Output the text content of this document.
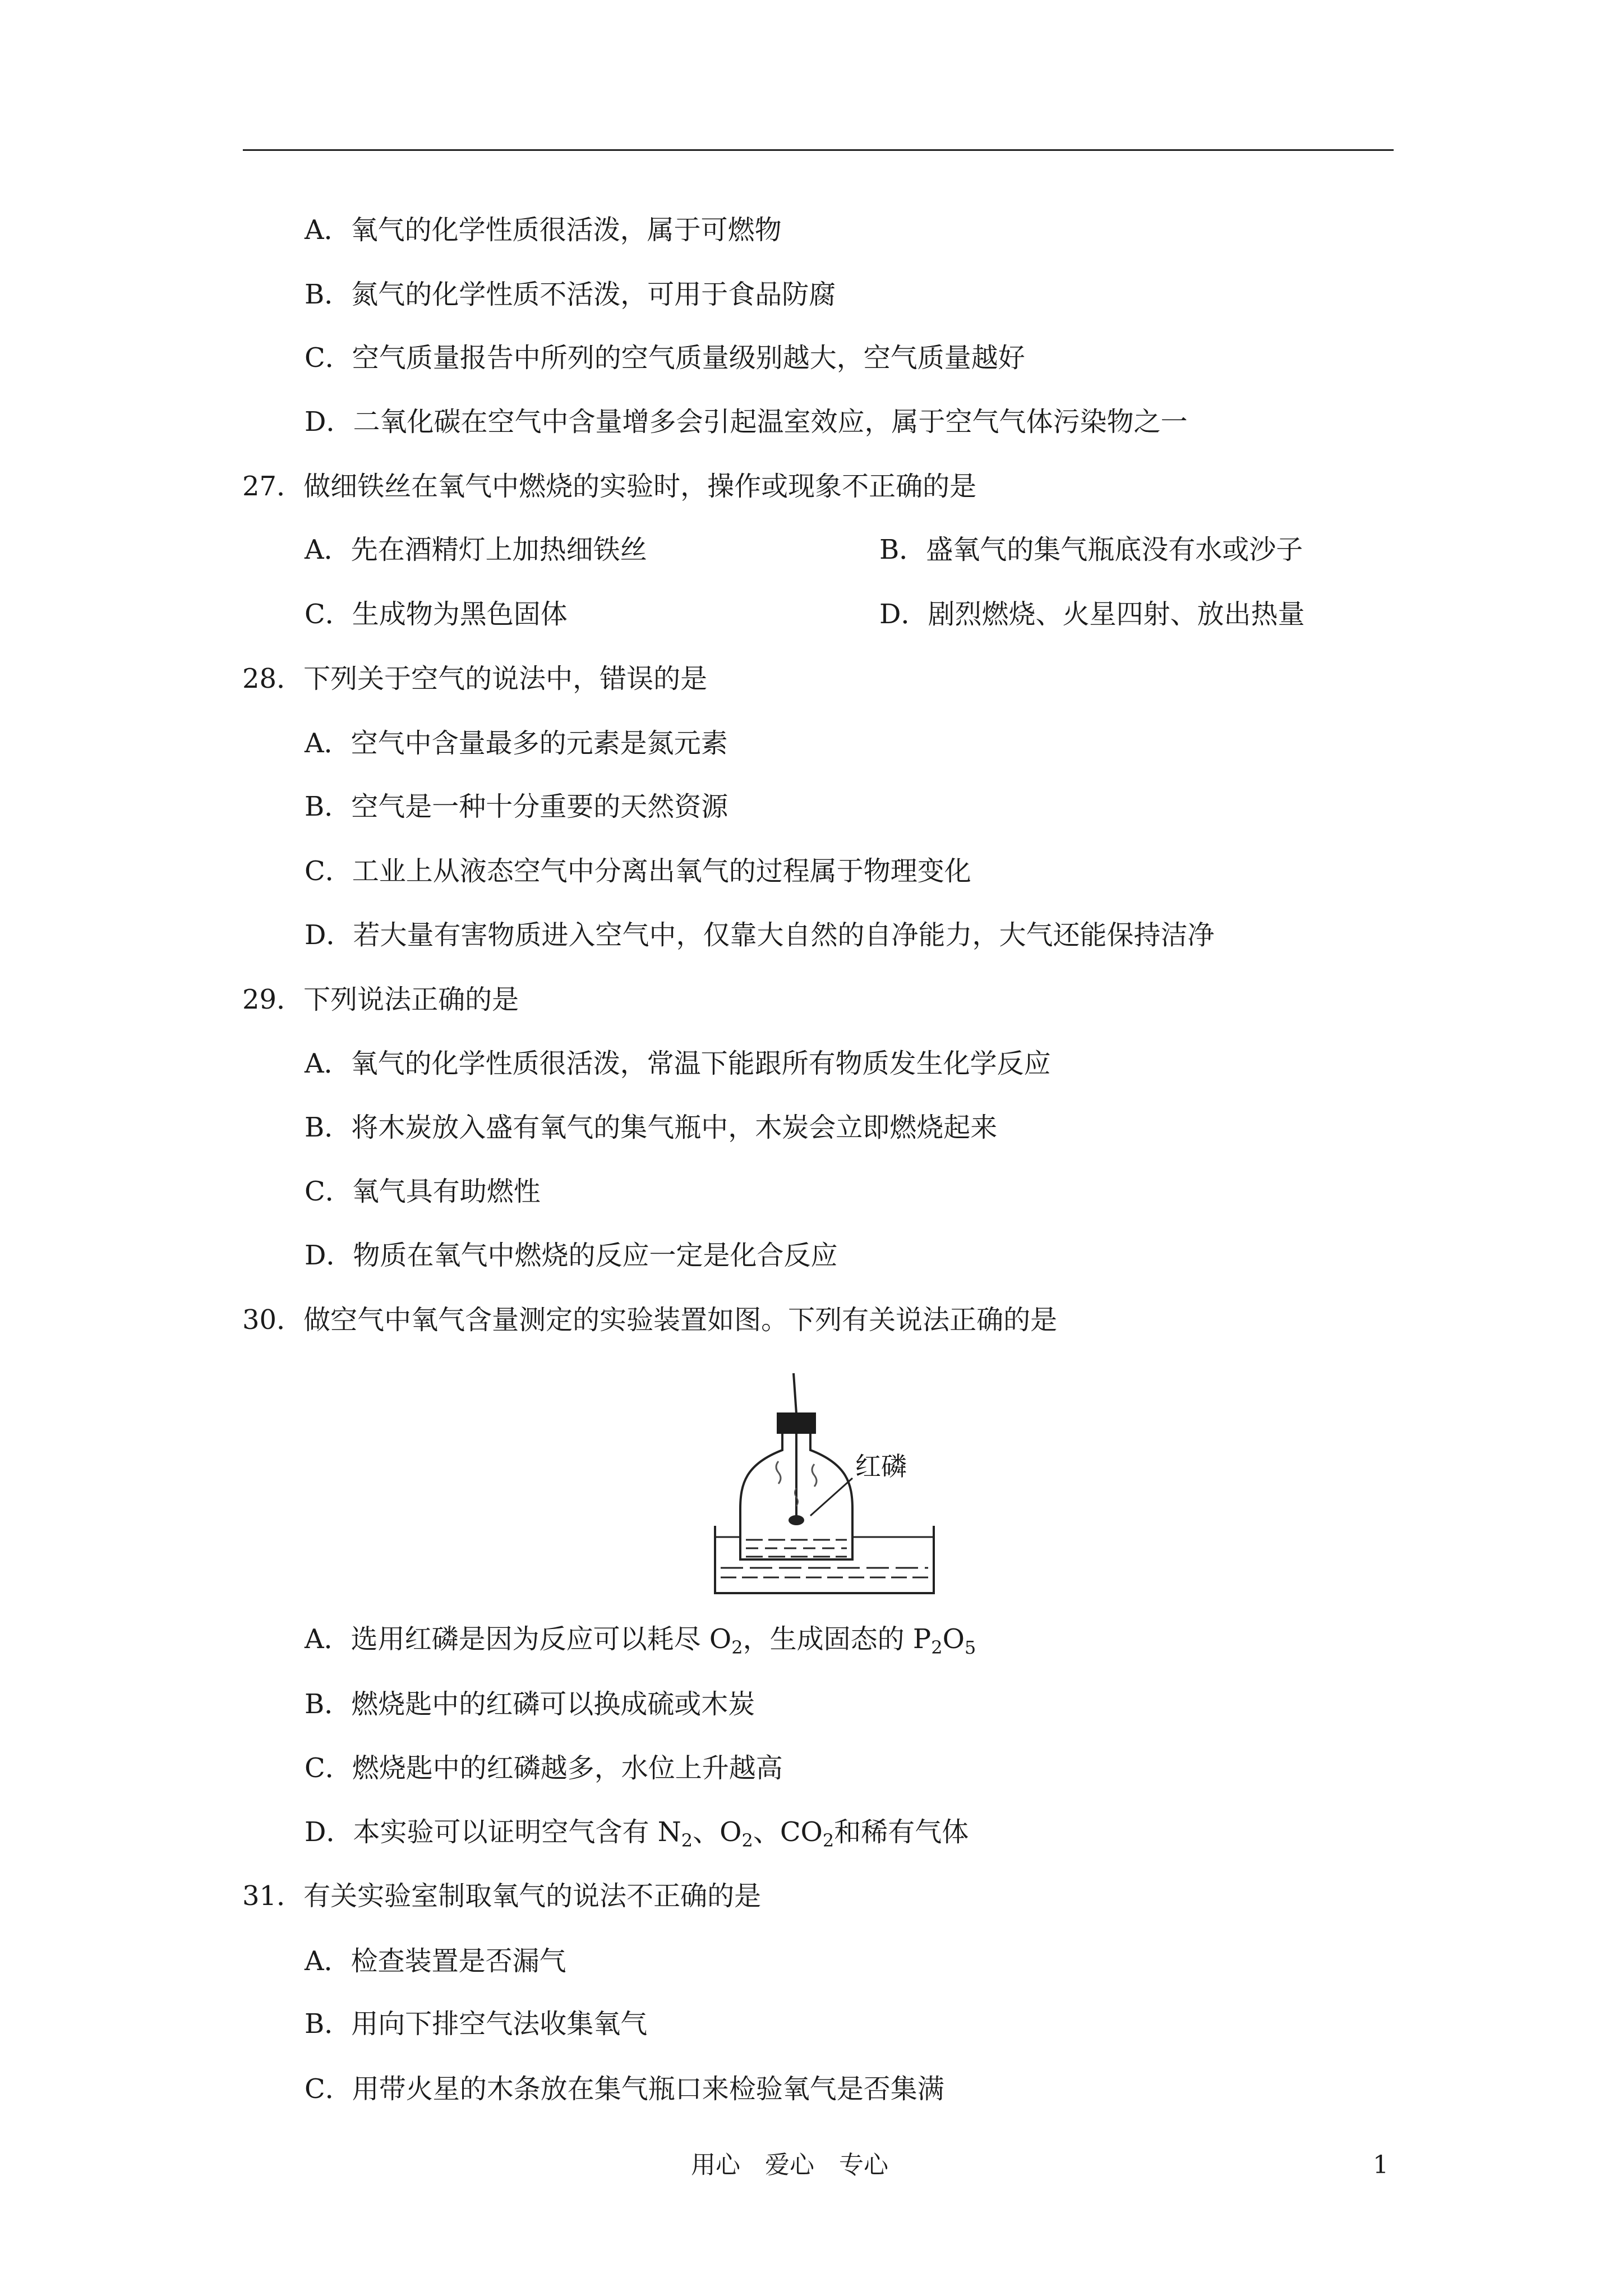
A．氧气的化学性质很活泼，属于可燃物
B．氮气的化学性质不活泼，可用于食品防腐
C．空气质量报告中所列的空气质量级别越大，空气质量越好
D．二氧化碳在空气中含量增多会引起温室效应，属于空气气体污染物之一
27．做细铁丝在氧气中燃烧的实验时，操作或现象不正确的是
A．先在酒精灯上加热细铁丝	B．盛氧气的集气瓶底没有水或沙子
C．生成物为黑色固体	D．剧烈燃烧、火星四射、放出热量
28．下列关于空气的说法中，错误的是
A．空气中含量最多的元素是氮元素
B．空气是一种十分重要的天然资源
C．工业上从液态空气中分离出氧气的过程属于物理变化
D．若大量有害物质进入空气中，仅靠大自然的自净能力，大气还能保持洁净
29．下列说法正确的是
A．氧气的化学性质很活泼，常温下能跟所有物质发生化学反应
B．将木炭放入盛有氧气的集气瓶中，木炭会立即燃烧起来
C．氧气具有助燃性
D．物质在氧气中燃烧的反应一定是化合反应
30．做空气中氧气含量测定的实验装置如图。下列有关说法正确的是
红磷
A．选用红磷是因为反应可以耗尽 $O_2$，生成固态的 $P_2O_5$
B．燃烧匙中的红磷可以换成硫或木炭
C．燃烧匙中的红磷越多，水位上升越高
D．本实验可以证明空气含有 $N_2$、$O_2$、$CO_2$和稀有气体
31．有关实验室制取氧气的说法不正确的是
A．检查装置是否漏气
B．用向下排空气法收集氧气
C．用带火星的木条放在集气瓶口来检验氧气是否集满
用心　爱心　专心	1
